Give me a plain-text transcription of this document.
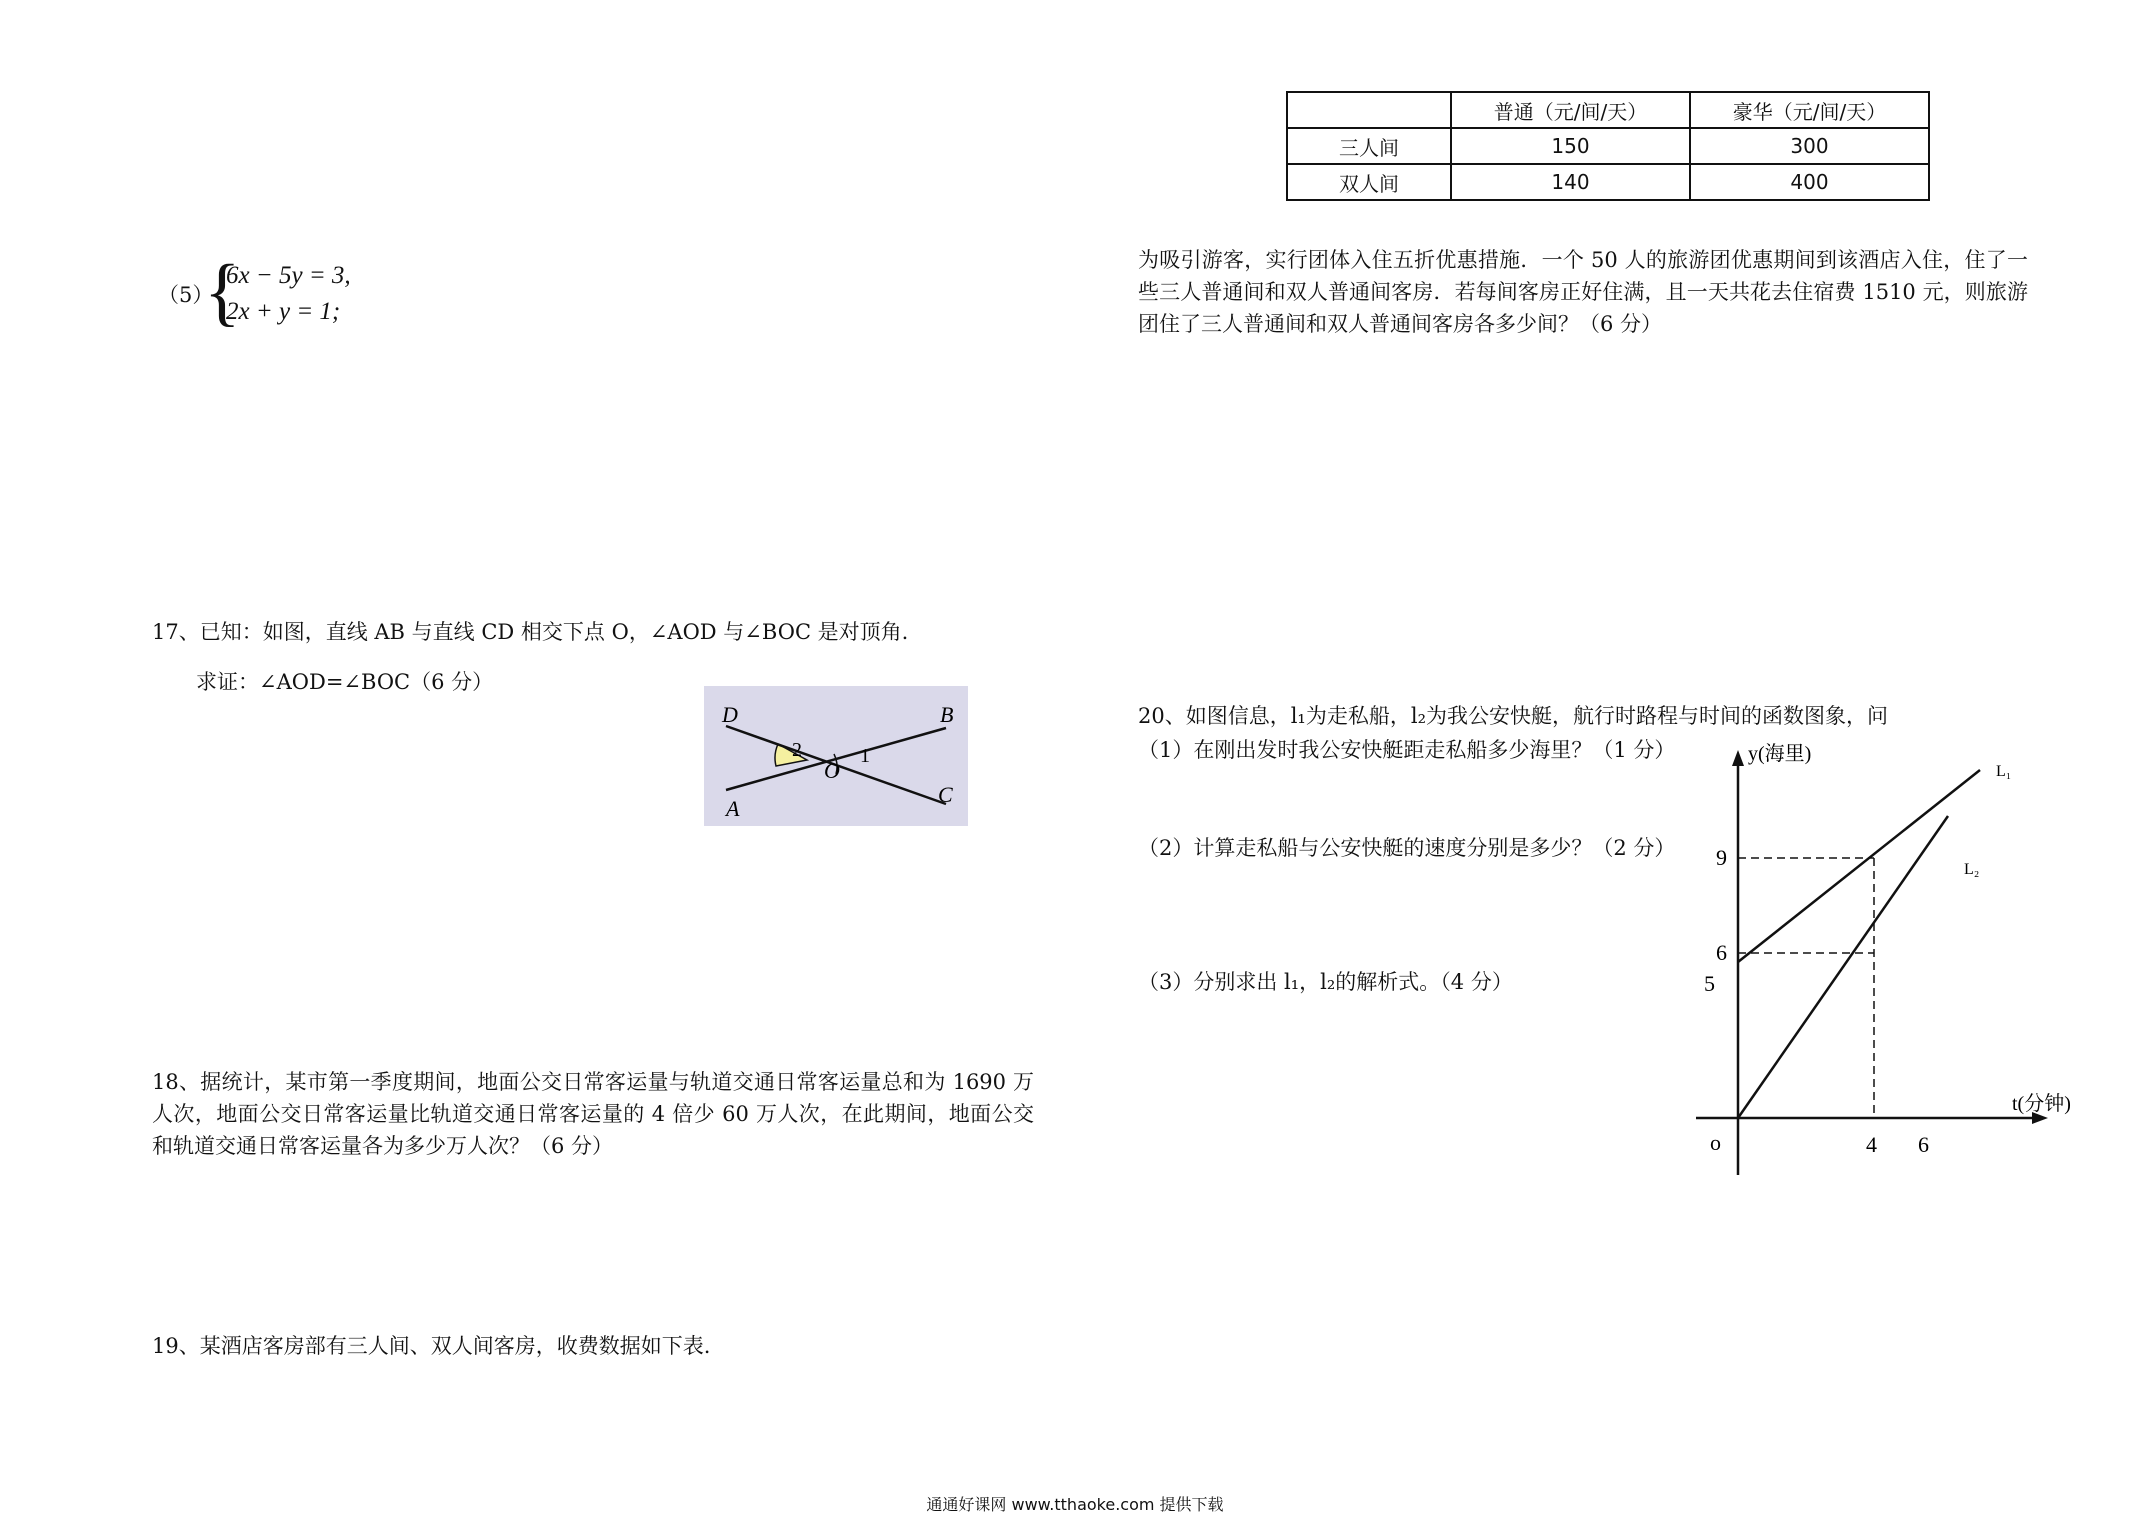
（5）
{
6x − 5y = 3,
2x + y = 1;
17、已知：如图，直线 AB 与直线 CD 相交下点 O，∠AOD 与∠BOC 是对顶角.
求证：∠AOD=∠BOC（6 分）
D	B
A
C
O
2	1
18、据统计，某市第一季度期间，地面公交日常客运量与轨道交通日常客运量总和为 1690 万人次，地面公交日常客运量比轨道交通日常客运量的 4 倍少 60 万人次，在此期间，地面公交和轨道交通日常客运量各为多少万人次？（6 分）
19、某酒店客房部有三人间、双人间客房，收费数据如下表.
	普通（元/间/天）	豪华（元/间/天）
三人间	150	300
双人间	140	400
为吸引游客，实行团体入住五折优惠措施．一个 50 人的旅游团优惠期间到该酒店入住，住了一些三人普通间和双人普通间客房．若每间客房正好住满，且一天共花去住宿费 1510 元，则旅游团住了三人普通间和双人普通间客房各多少间？（6 分）
20、如图信息，l₁为走私船，l₂为我公安快艇，航行时路程与时间的函数图象，问
（1）在刚出发时我公安快艇距走私船多少海里？（1 分）
（2）计算走私船与公安快艇的速度分别是多少？（2 分）
（3）分别求出 l₁，l₂的解析式。（4 分）
y(海里)
t(分钟)
o
L₁
L₂
9
6
5
4 6
通通好课网 www.tthaoke.com 提供下载
